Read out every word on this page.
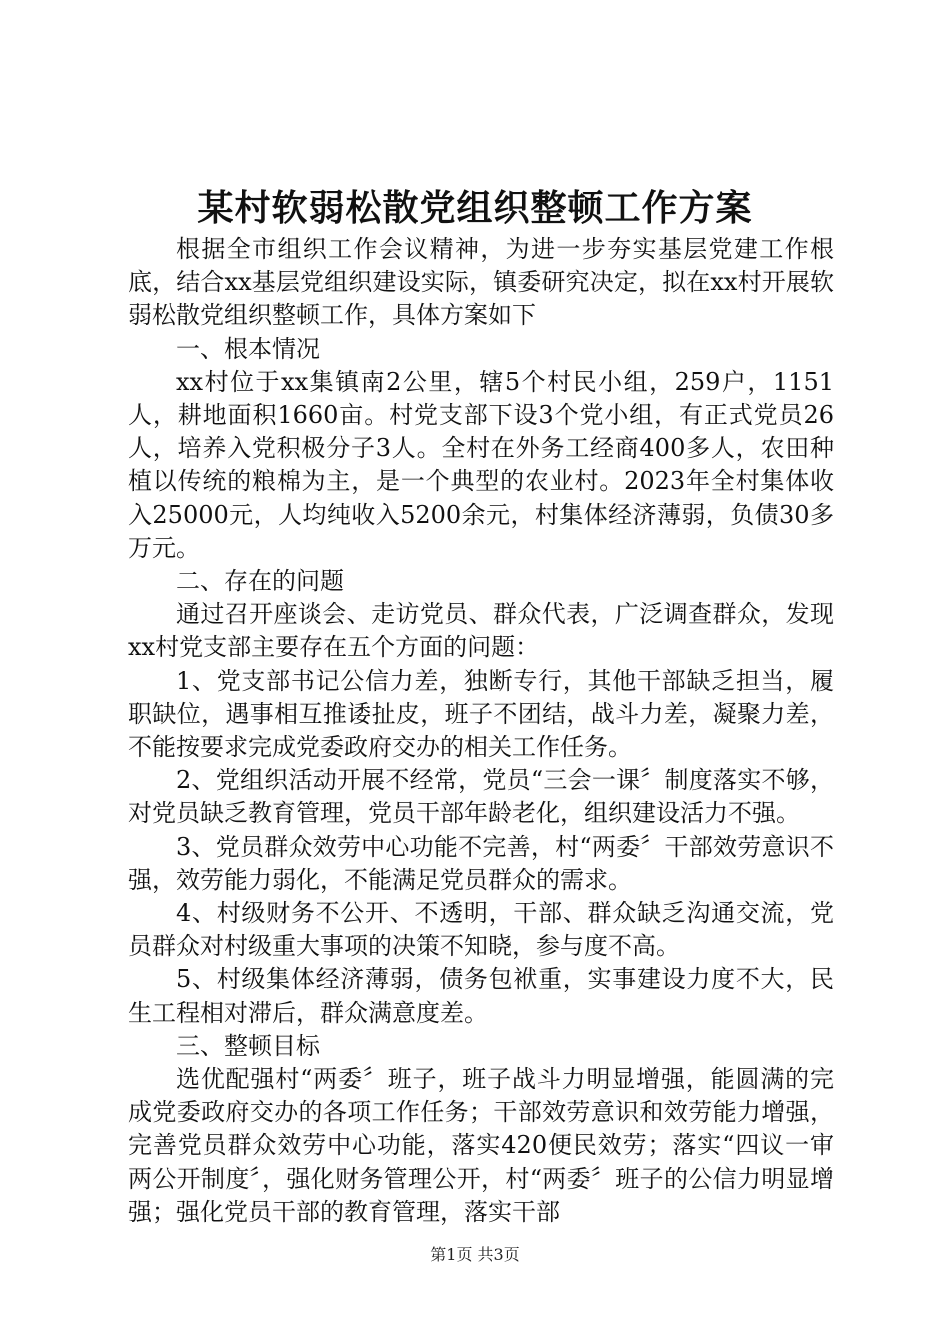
某村软弱松散党组织整顿工作方案

根据全市组织工作会议精神，为进一步夯实基层党建工作根底，结合xx基层党组织建设实际，镇委研究决定，拟在xx村开展软弱松散党组织整顿工作，具体方案如下

一、根本情况

xx村位于xx集镇南2公里，辖5个村民小组，259户，1151人，耕地面积1660亩。村党支部下设3个党小组，有正式党员26人，培养入党积极分子3人。全村在外务工经商400多人，农田种植以传统的粮棉为主，是一个典型的农业村。2023年全村集体收入25000元，人均纯收入5200余元，村集体经济薄弱，负债30多万元。

二、存在的问题

通过召开座谈会、走访党员、群众代表，广泛调查群众，发现xx村党支部主要存在五个方面的问题：

1、党支部书记公信力差，独断专行，其他干部缺乏担当，履职缺位，遇事相互推诿扯皮，班子不团结，战斗力差，凝聚力差，不能按要求完成党委政府交办的相关工作任务。

2、党组织活动开展不经常，党员“三会一课〞制度落实不够，对党员缺乏教育管理，党员干部年龄老化，组织建设活力不强。

3、党员群众效劳中心功能不完善，村“两委〞干部效劳意识不强，效劳能力弱化，不能满足党员群众的需求。

4、村级财务不公开、不透明，干部、群众缺乏沟通交流，党员群众对村级重大事项的决策不知晓，参与度不高。

5、村级集体经济薄弱，债务包袱重，实事建设力度不大，民生工程相对滞后，群众满意度差。

三、整顿目标

选优配强村“两委〞班子，班子战斗力明显增强，能圆满的完成党委政府交办的各项工作任务；干部效劳意识和效劳能力增强，完善党员群众效劳中心功能，落实420便民效劳；落实“四议一审两公开制度〞，强化财务管理公开，村“两委〞班子的公信力明显增强；强化党员干部的教育管理，落实干部

第1页 共3页
